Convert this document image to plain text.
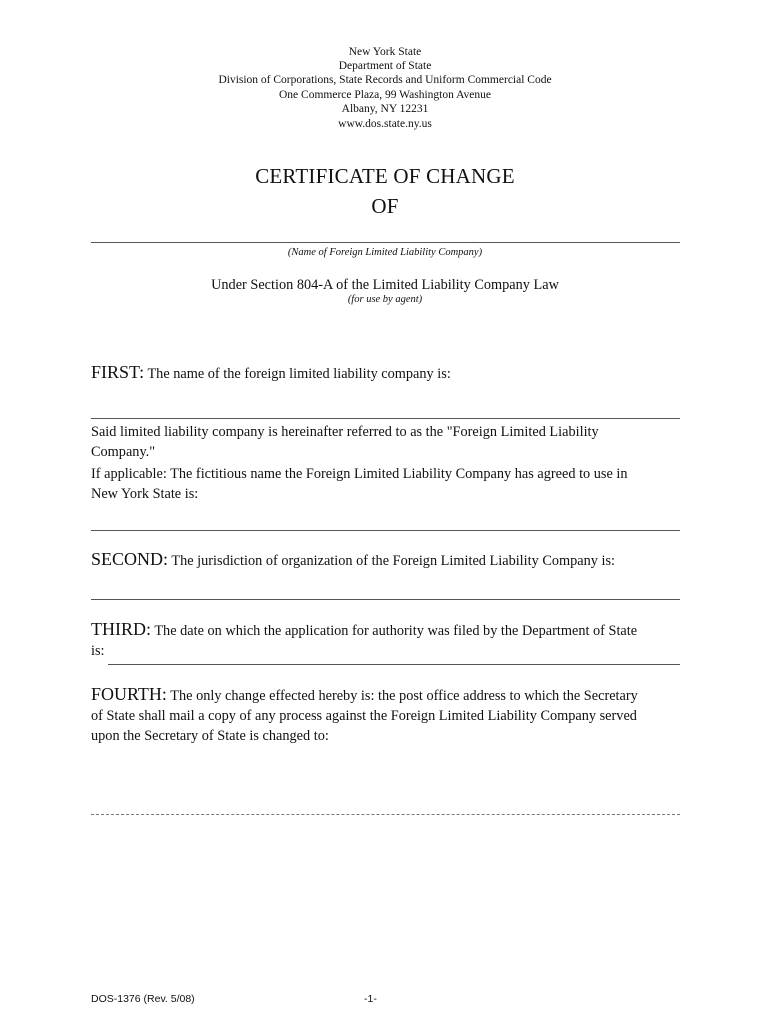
New York State
Department of State
Division of Corporations, State Records and Uniform Commercial Code
One Commerce Plaza, 99 Washington Avenue
Albany, NY 12231
www.dos.state.ny.us
CERTIFICATE OF CHANGE
OF
(Name of Foreign Limited Liability Company)
Under Section 804-A of the Limited Liability Company Law
(for use by agent)
FIRST: The name of the foreign limited liability company is:
Said limited liability company is hereinafter referred to as the "Foreign Limited Liability
Company."
If applicable: The fictitious name the Foreign Limited Liability Company has agreed to use in
New York State is:
SECOND: The jurisdiction of organization of the Foreign Limited Liability Company is:
THIRD: The date on which the application for authority was filed by the Department of State
is:
FOURTH: The only change effected hereby is: the post office address to which the Secretary
of State shall mail a copy of any process against the Foreign Limited Liability Company served
upon the Secretary of State is changed to:
DOS-1376 (Rev. 5/08)	-1-
